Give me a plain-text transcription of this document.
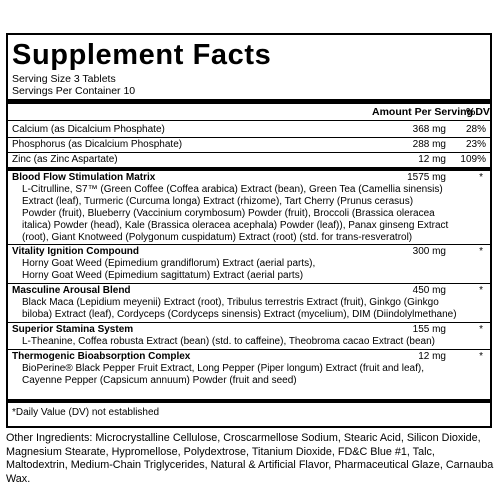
Supplement Facts
Serving Size 3 Tablets
Servings Per Container 10
Amount Per Serving
%DV
Calcium (as Dicalcium Phosphate)	368 mg 28%
Phosphorus (as Dicalcium Phosphate)	288 mg 23%
Zinc (as Zinc Aspartate)	12 mg 109%
Blood Flow Stimulation Matrix	1575 mg	*
L-Citrulline, S7™ (Green Coffee (Coffea arabica) Extract (bean), Green Tea (Camellia sinensis)
Extract (leaf), Turmeric (Curcuma longa) Extract (rhizome), Tart Cherry (Prunus cerasus)
Powder (fruit), Blueberry (Vaccinium corymbosum) Powder (fruit), Broccoli (Brassica oleracea
italica) Powder (head), Kale (Brassica oleracea acephala) Powder (leaf)), Panax ginseng Extract
(root), Giant Knotweed (Polygonum cuspidatum) Extract (root) (std. for trans-resveratrol)
Vitality Ignition Compound	300 mg	*
Horny Goat Weed (Epimedium grandiflorum) Extract (aerial parts),
Horny Goat Weed (Epimedium sagittatum) Extract (aerial parts)
Masculine Arousal Blend	450 mg	*
Black Maca (Lepidium meyenii) Extract (root), Tribulus terrestris Extract (fruit), Ginkgo (Ginkgo
biloba) Extract (leaf), Cordyceps (Cordyceps sinensis) Extract (mycelium), DIM (Diindolylmethane)
Superior Stamina System	155 mg	*
L-Theanine, Coffea robusta Extract (bean) (std. to caffeine), Theobroma cacao Extract (bean)
Thermogenic Bioabsorption Complex	12 mg	*
BioPerine® Black Pepper Fruit Extract, Long Pepper (Piper longum) Extract (fruit and leaf),
Cayenne Pepper (Capsicum annuum) Powder (fruit and seed)
*Daily Value (DV) not established
Other Ingredients: Microcrystalline Cellulose, Croscarmellose Sodium, Stearic Acid, Silicon Dioxide, Magnesium Stearate, Hypromellose, Polydextrose, Titanium Dioxide, FD&C Blue #1, Talc, Maltodextrin, Medium-Chain Triglycerides, Natural & Artificial Flavor, Pharmaceutical Glaze, Carnauba Wax.
